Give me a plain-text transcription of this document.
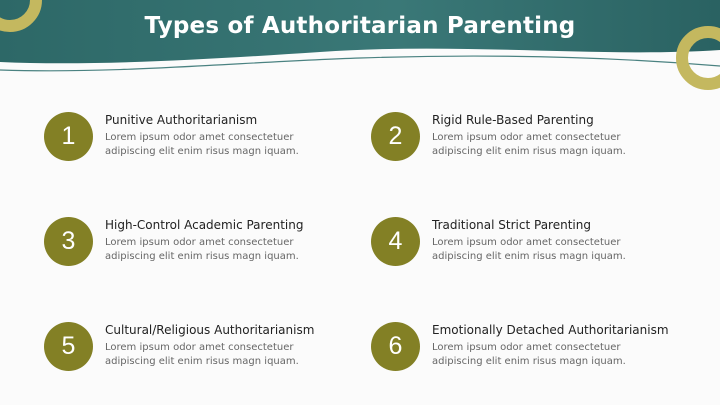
Types of Authoritarian Parenting
1
Punitive Authoritarianism
Lorem ipsum odor amet consectetuer adipiscing elit enim risus magn iquam.
2
Rigid Rule-Based Parenting
Lorem ipsum odor amet consectetuer adipiscing elit enim risus magn iquam.
3
High-Control Academic Parenting
Lorem ipsum odor amet consectetuer adipiscing elit enim risus magn iquam.
4
Traditional Strict Parenting
Lorem ipsum odor amet consectetuer adipiscing elit enim risus magn iquam.
5
Cultural/Religious Authoritarianism
Lorem ipsum odor amet consectetuer adipiscing elit enim risus magn iquam.
6
Emotionally Detached Authoritarianism
Lorem ipsum odor amet consectetuer adipiscing elit enim risus magn iquam.
